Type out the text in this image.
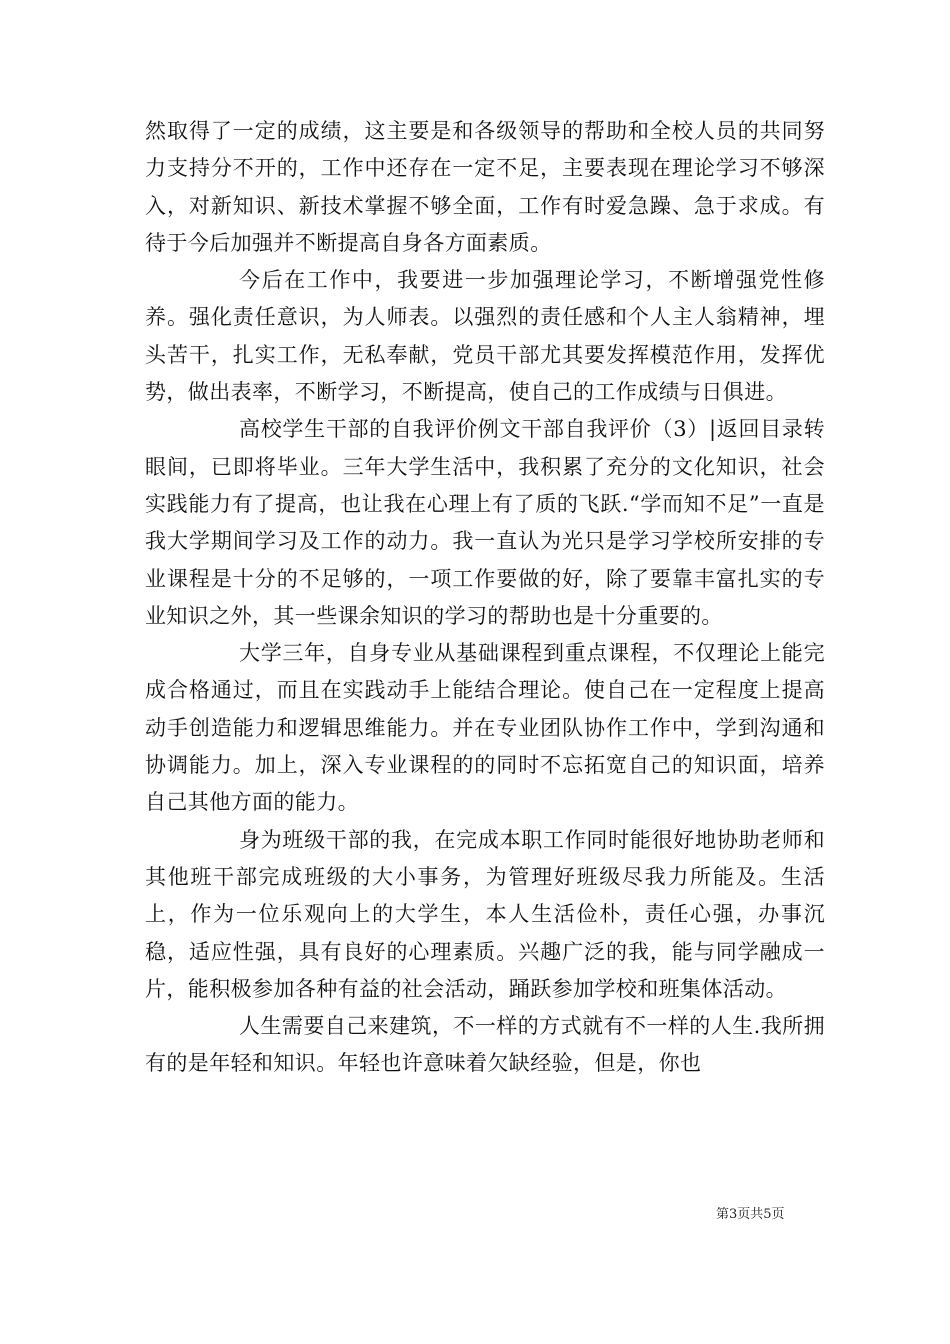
然取得了一定的成绩，这主要是和各级领导的帮助和全校人员的共同努力支持分不开的，工作中还存在一定不足，主要表现在理论学习不够深入，对新知识、新技术掌握不够全面，工作有时爱急躁、急于求成。有待于今后加强并不断提高自身各方面素质。

今后在工作中，我要进一步加强理论学习，不断增强党性修养。强化责任意识，为人师表。以强烈的责任感和个人主人翁精神，埋头苦干，扎实工作，无私奉献，党员干部尤其要发挥模范作用，发挥优势，做出表率，不断学习，不断提高，使自己的工作成绩与日俱进。

高校学生干部的自我评价例文干部自我评价（3）|返回目录转眼间，已即将毕业。三年大学生活中，我积累了充分的文化知识，社会实践能力有了提高，也让我在心理上有了质的飞跃.“学而知不足”一直是我大学期间学习及工作的动力。我一直认为光只是学习学校所安排的专业课程是十分的不足够的，一项工作要做的好，除了要靠丰富扎实的专业知识之外，其一些课余知识的学习的帮助也是十分重要的。

大学三年，自身专业从基础课程到重点课程，不仅理论上能完成合格通过，而且在实践动手上能结合理论。使自己在一定程度上提高动手创造能力和逻辑思维能力。并在专业团队协作工作中，学到沟通和协调能力。加上，深入专业课程的的同时不忘拓宽自己的知识面，培养自己其他方面的能力。

身为班级干部的我，在完成本职工作同时能很好地协助老师和其他班干部完成班级的大小事务，为管理好班级尽我力所能及。生活上，作为一位乐观向上的大学生，本人生活俭朴，责任心强，办事沉稳，适应性强，具有良好的心理素质。兴趣广泛的我，能与同学融成一片，能积极参加各种有益的社会活动，踊跃参加学校和班集体活动。

人生需要自己来建筑，不一样的方式就有不一样的人生.我所拥有的是年轻和知识。年轻也许意味着欠缺经验，但是，你也

第3页共5页
